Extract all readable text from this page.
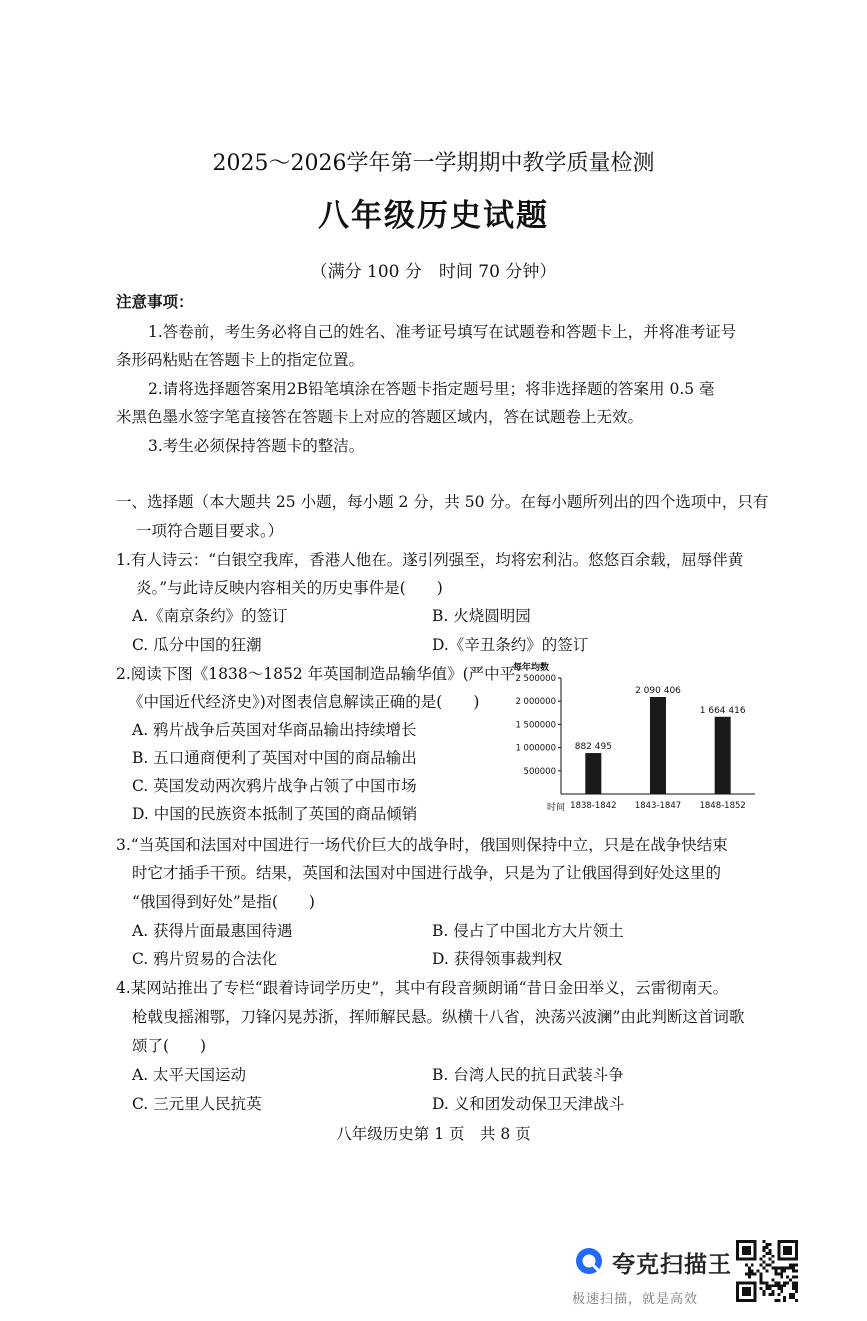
2025～2026学年第一学期期中教学质量检测
八年级历史试题
（满分 100 分　时间 70 分钟）
注意事项：
1.答卷前，考生务必将自己的姓名、准考证号填写在试题卷和答题卡上，并将准考证号
条形码粘贴在答题卡上的指定位置。
2.请将选择题答案用2B铅笔填涂在答题卡指定题号里；将非选择题的答案用 0.5 毫
米黑色墨水签字笔直接答在答题卡上对应的答题区域内，答在试题卷上无效。
3.考生必须保持答题卡的整洁。
一、选择题（本大题共 25 小题，每小题 2 分，共 50 分。在每小题所列出的四个选项中，只有
一项符合题目要求。）
1.有人诗云：“白银空我库，香港人他在。遂引列强至，均将宏利沾。悠悠百余载，屈辱伴黄
炎。”与此诗反映内容相关的历史事件是(　　)
A.《南京条约》的签订	B. 火烧圆明园
C. 瓜分中国的狂潮	D.《辛丑条约》的签订
2.阅读下图《1838～1852 年英国制造品输华值》(严中平
《中国近代经济史》)对图表信息解读正确的是(　　)
A. 鸦片战争后英国对华商品输出持续增长
B. 五口通商便利了英国对中国的商品输出
C. 英国发动两次鸦片战争占领了中国市场
D. 中国的民族资本抵制了英国的商品倾销
每年均数
500000
1 000000
1 500000
2 000000
2 500000
882 495
1838-1842
2 090 406
1843-1847
1 664 416
1848-1852
时间
3.“当英国和法国对中国进行一场代价巨大的战争时，俄国则保持中立，只是在战争快结束
时它才插手干预。结果，英国和法国对中国进行战争，只是为了让俄国得到好处这里的
“俄国得到好处”是指(　　)
A. 获得片面最惠国待遇	B. 侵占了中国北方大片领土
C. 鸦片贸易的合法化	D. 获得领事裁判权
4.某网站推出了专栏“跟着诗词学历史”，其中有段音频朗诵“昔日金田举义，云雷彻南天。
枪戟曳摇湘鄂，刀锋闪晃苏浙，挥师解民悬。纵横十八省，泱荡兴波澜”由此判断这首词歌
颂了(　　)
A. 太平天国运动	B. 台湾人民的抗日武装斗争
C. 三元里人民抗英	D. 义和团发动保卫天津战斗
八年级历史第 1 页　共 8 页
夸克扫描王
极速扫描，就是高效
